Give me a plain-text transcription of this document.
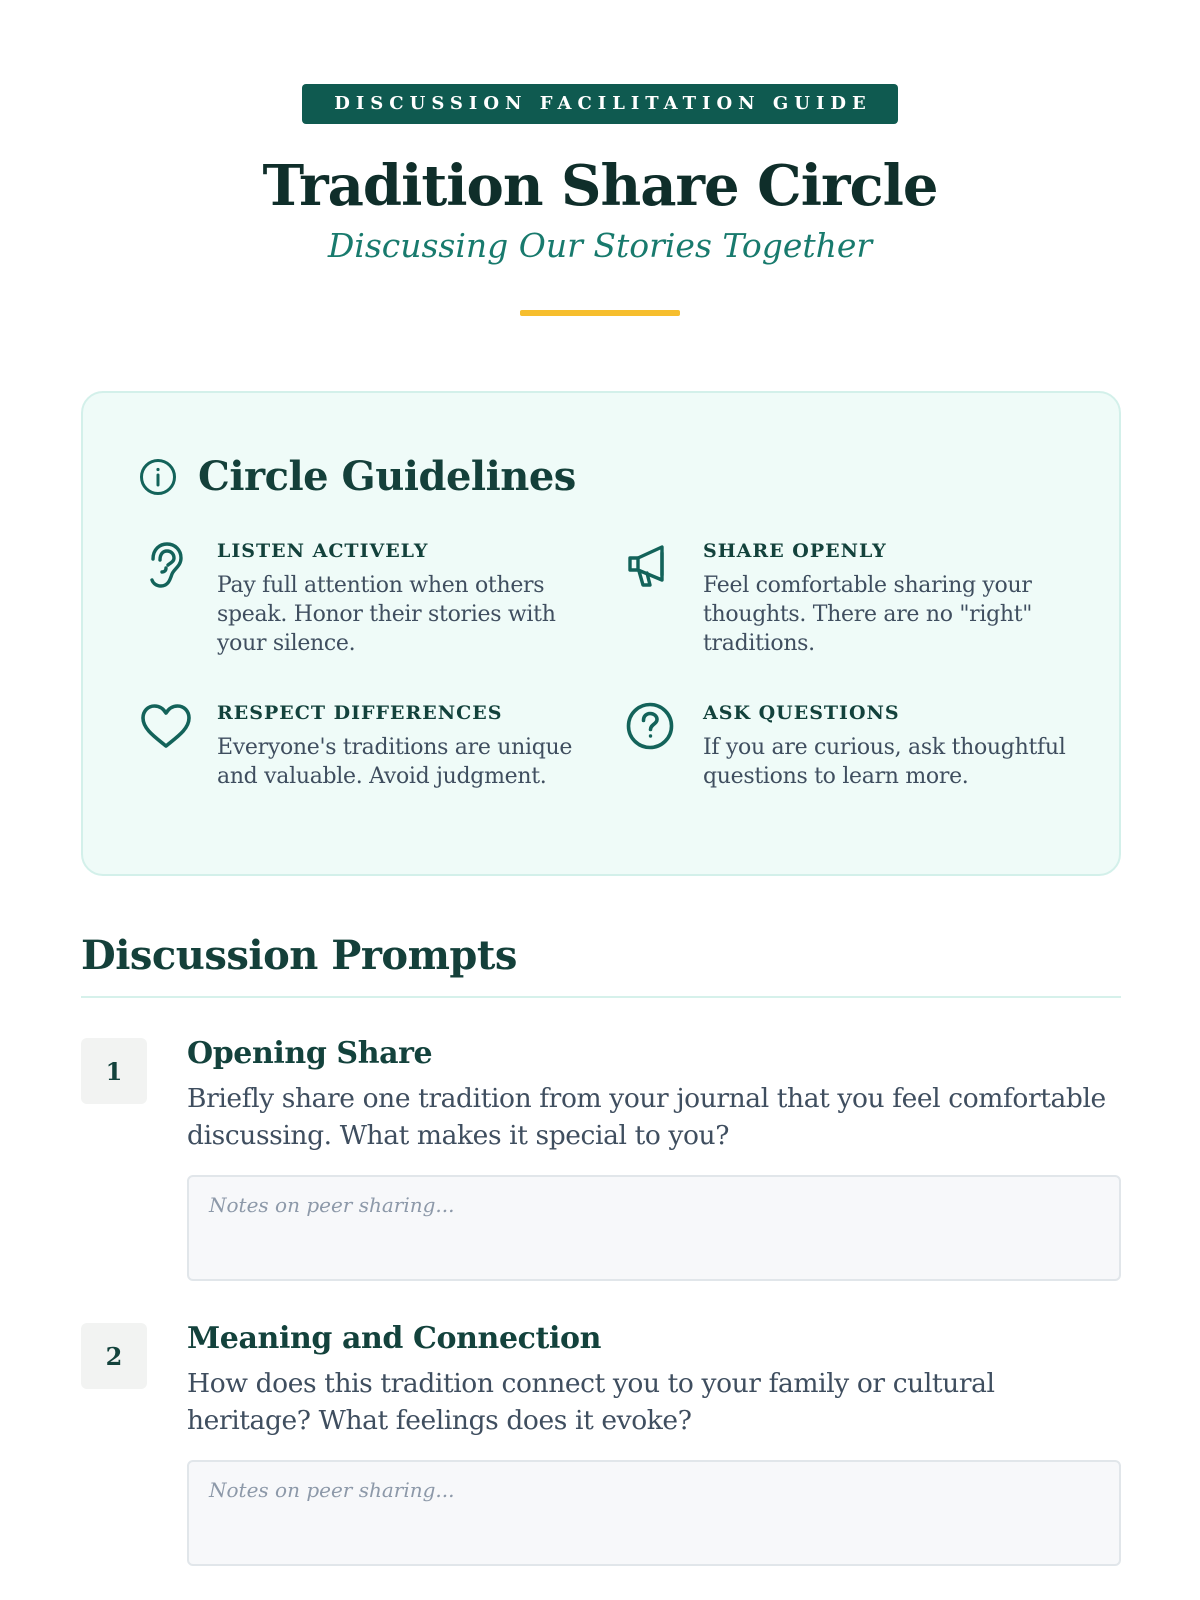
DISCUSSION FACILITATION GUIDE
Tradition Share Circle
Discussing Our Stories Together
Circle Guidelines
LISTEN ACTIVELY

Pay full attention when others speak. Honor their stories with your silence.

SHARE OPENLY

Feel comfortable sharing your thoughts. There are no "right" traditions.

RESPECT DIFFERENCES

Everyone's traditions are unique and valuable. Avoid judgment.

ASK QUESTIONS

If you are curious, ask thoughtful questions to learn more.

Discussion Prompts
1	Opening Share

Briefly share one tradition from your journal that you feel comfortable discussing. What makes it special to you?

Notes on peer sharing...
2	Meaning and Connection

How does this tradition connect you to your family or cultural heritage? What feelings does it evoke?

Notes on peer sharing...
